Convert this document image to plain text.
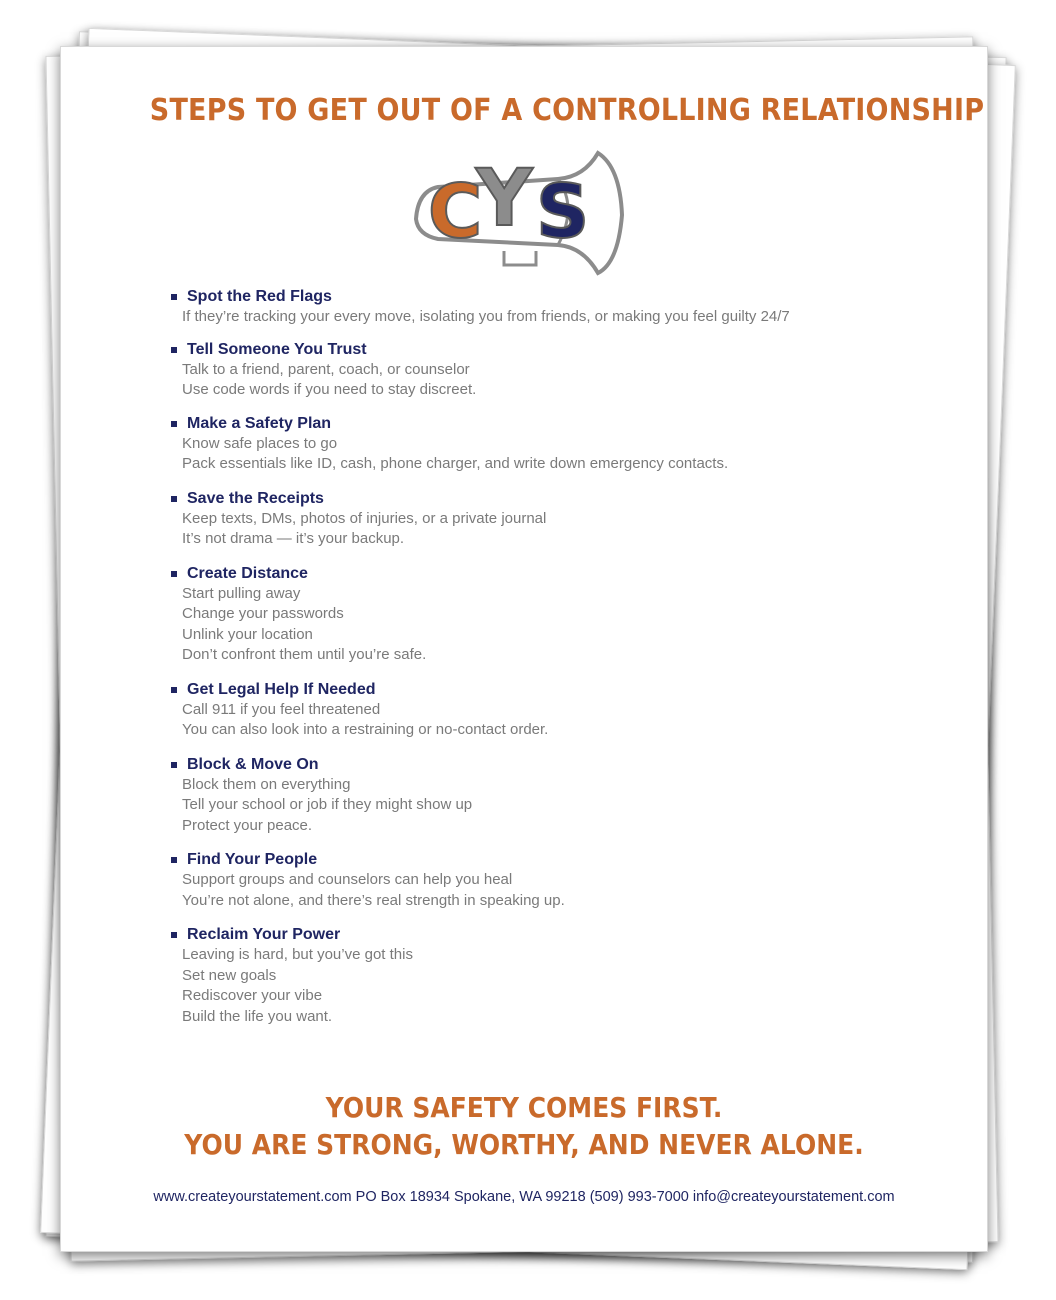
STEPS TO GET OUT OF A CONTROLLING RELATIONSHIP
C
Y S
Spot the Red Flags
If they’re tracking your every move, isolating you from friends, or making you feel guilty 24/7
Tell Someone You Trust
Talk to a friend, parent, coach, or counselor
Use code words if you need to stay discreet.
Make a Safety Plan
Know safe places to go
Pack essentials like ID, cash, phone charger, and write down emergency contacts.
Save the Receipts
Keep texts, DMs, photos of injuries, or a private journal
It’s not drama — it’s your backup.
Create Distance
Start pulling away
Change your passwords
Unlink your location
Don’t confront them until you’re safe.
Get Legal Help If Needed
Call 911 if you feel threatened
You can also look into a restraining or no-contact order.
Block & Move On
Block them on everything
Tell your school or job if they might show up
Protect your peace.
Find Your People
Support groups and counselors can help you heal
You’re not alone, and there’s real strength in speaking up.
Reclaim Your Power
Leaving is hard, but you’ve got this
Set new goals
Rediscover your vibe
Build the life you want.
YOUR SAFETY COMES FIRST.
YOU ARE STRONG, WORTHY, AND NEVER ALONE.
www.createyourstatement.com PO Box 18934 Spokane, WA 99218 (509) 993-7000 info@createyourstatement.com
